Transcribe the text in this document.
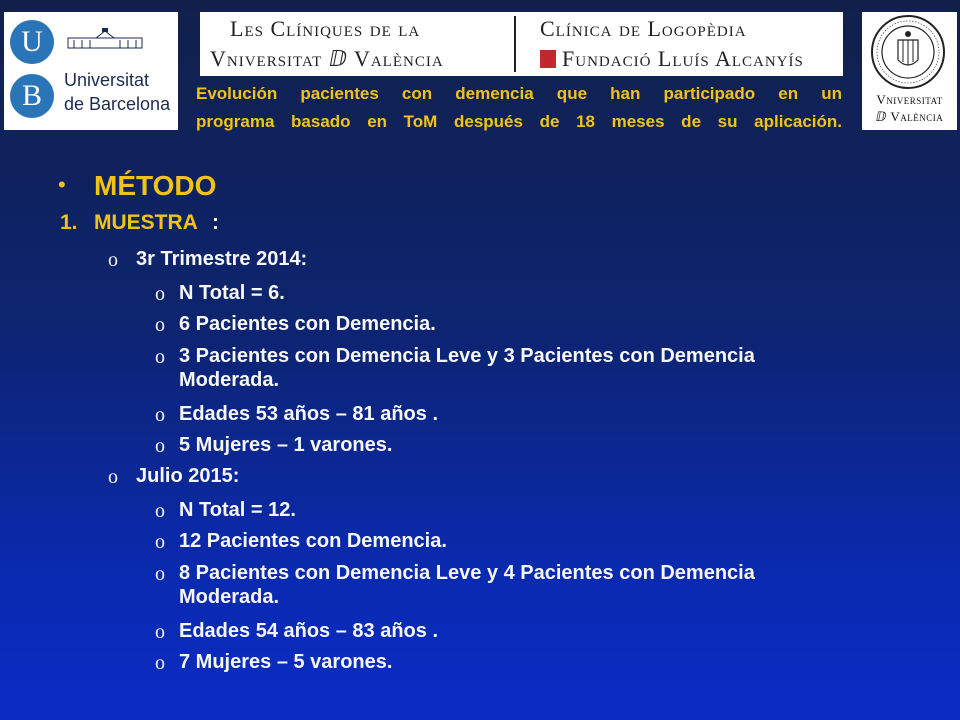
U
B	Universitat
de Barcelona
Les Clíniques de la
Vniversitat ⅅ València
Clínica de Logopèdia
Fundació Lluís Alcanyís
Vniversitat
ⅅ València
Evolución pacientes con demencia que han participado en un
programa basado en ToM después de 18 meses de su aplicación.
• MÉTODO
1. MUESTRA :
o 3r Trimestre 2014:
o N Total = 6.
o 6 Pacientes con Demencia.
o 3 Pacientes con Demencia Leve y 3 Pacientes con Demencia
Moderada.
o Edades 53 años – 81 años .
o 5 Mujeres – 1 varones.
o Julio 2015:
o N Total = 12.
o 12 Pacientes con Demencia.
o 8 Pacientes con Demencia Leve y 4 Pacientes con Demencia
Moderada.
o Edades 54 años – 83 años .
o 7 Mujeres – 5 varones.
